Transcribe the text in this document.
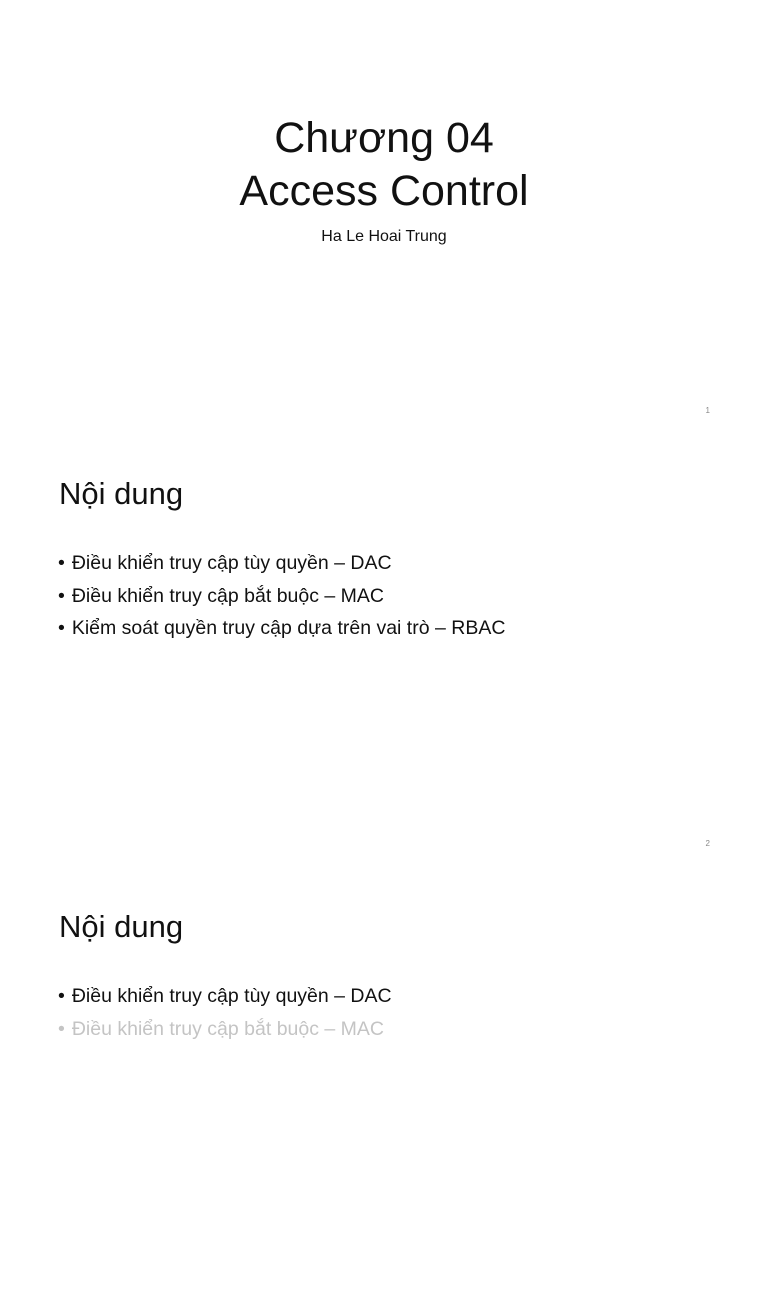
Chương 04
Access Control
Ha Le Hoai Trung
1
Nội dung
• Điều khiển truy cập tùy quyền – DAC
• Điều khiển truy cập bắt buộc – MAC
• Kiểm soát quyền truy cập dựa trên vai trò – RBAC
2
Nội dung
• Điều khiển truy cập tùy quyền – DAC
• Điều khiển truy cập bắt buộc – MAC
